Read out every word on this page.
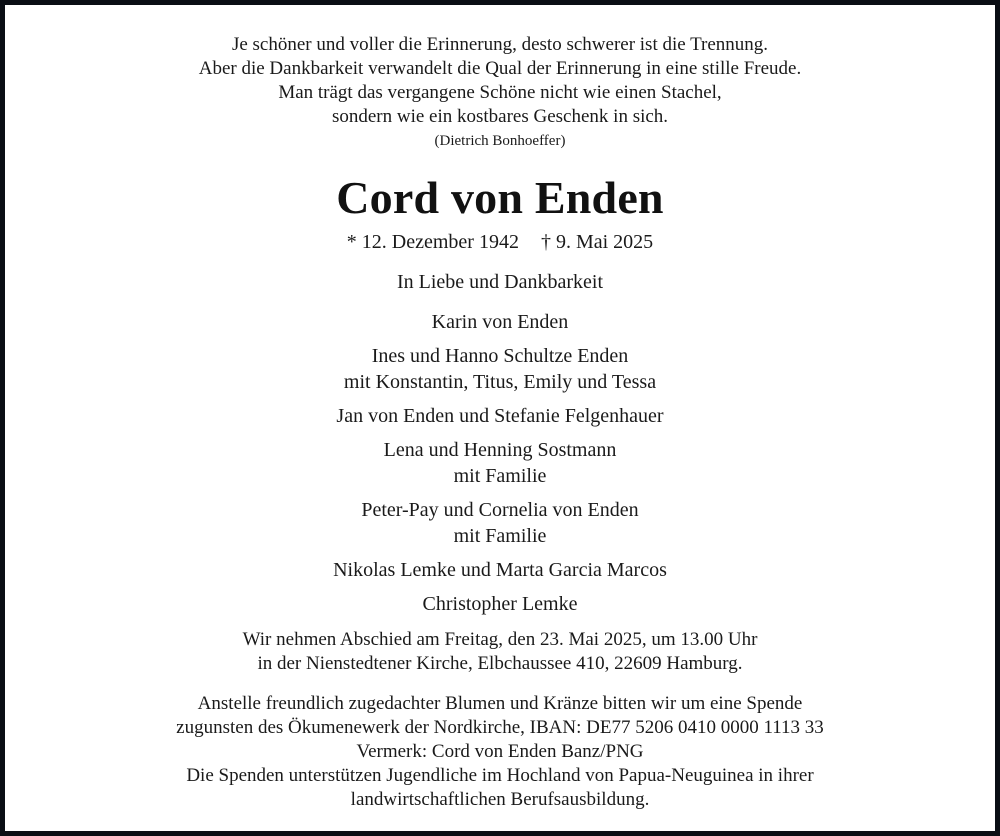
Je schöner und voller die Erinnerung, desto schwerer ist die Trennung.
Aber die Dankbarkeit verwandelt die Qual der Erinnerung in eine stille Freude.
Man trägt das vergangene Schöne nicht wie einen Stachel,
sondern wie ein kostbares Geschenk in sich.
(Dietrich Bonhoeffer)
Cord von Enden
* 12. Dezember 1942 † 9. Mai 2025
In Liebe und Dankbarkeit
Karin von Enden
Ines und Hanno Schultze Enden
mit Konstantin, Titus, Emily und Tessa
Jan von Enden und Stefanie Felgenhauer
Lena und Henning Sostmann
mit Familie
Peter-Pay und Cornelia von Enden
mit Familie
Nikolas Lemke und Marta Garcia Marcos
Christopher Lemke
Wir nehmen Abschied am Freitag, den 23. Mai 2025, um 13.00 Uhr
in der Nienstedtener Kirche, Elbchaussee 410, 22609 Hamburg.
Anstelle freundlich zugedachter Blumen und Kränze bitten wir um eine Spende
zugunsten des Ökumenewerk der Nordkirche, IBAN: DE77 5206 0410 0000 1113 33
Vermerk: Cord von Enden Banz/PNG
Die Spenden unterstützen Jugendliche im Hochland von Papua-Neuguinea in ihrer
landwirtschaftlichen Berufsausbildung.
